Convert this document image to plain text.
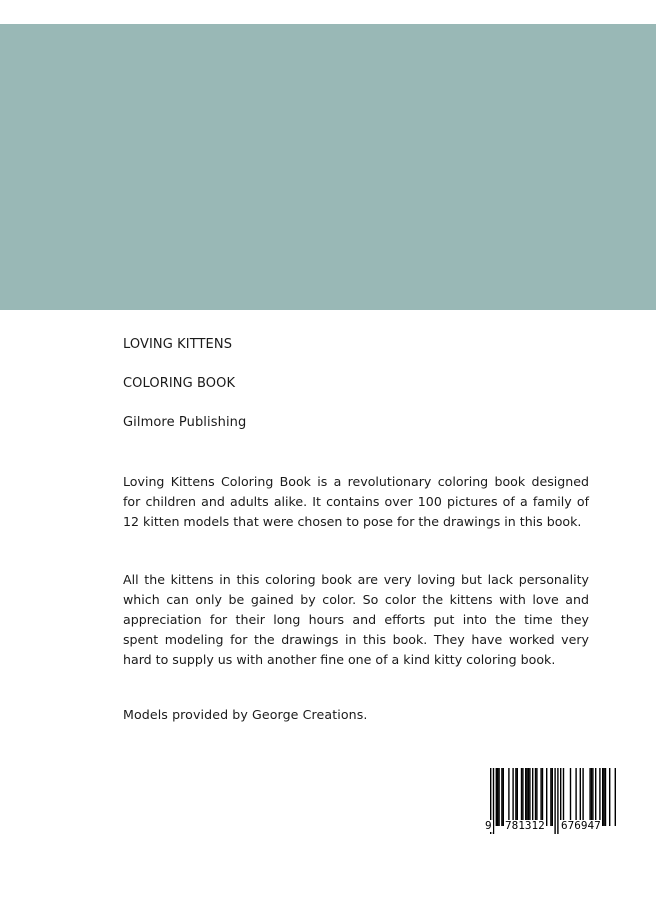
LOVING KITTENS
COLORING BOOK
Gilmore Publishing
Loving Kittens Coloring Book is a revolutionary coloring book designed
for children and adults alike. It contains over 100 pictures of a family of
12 kitten models that were chosen to pose for the drawings in this book.
All the kittens in this coloring book are very loving but lack personality
which can only be gained by color. So color the kittens with love and
appreciation for their long hours and efforts put into the time they
spent modeling for the drawings in this book. They have worked very
hard to supply us with another fine one of a kind kitty coloring book.
Models provided by George Creations.
9 781312 676947
